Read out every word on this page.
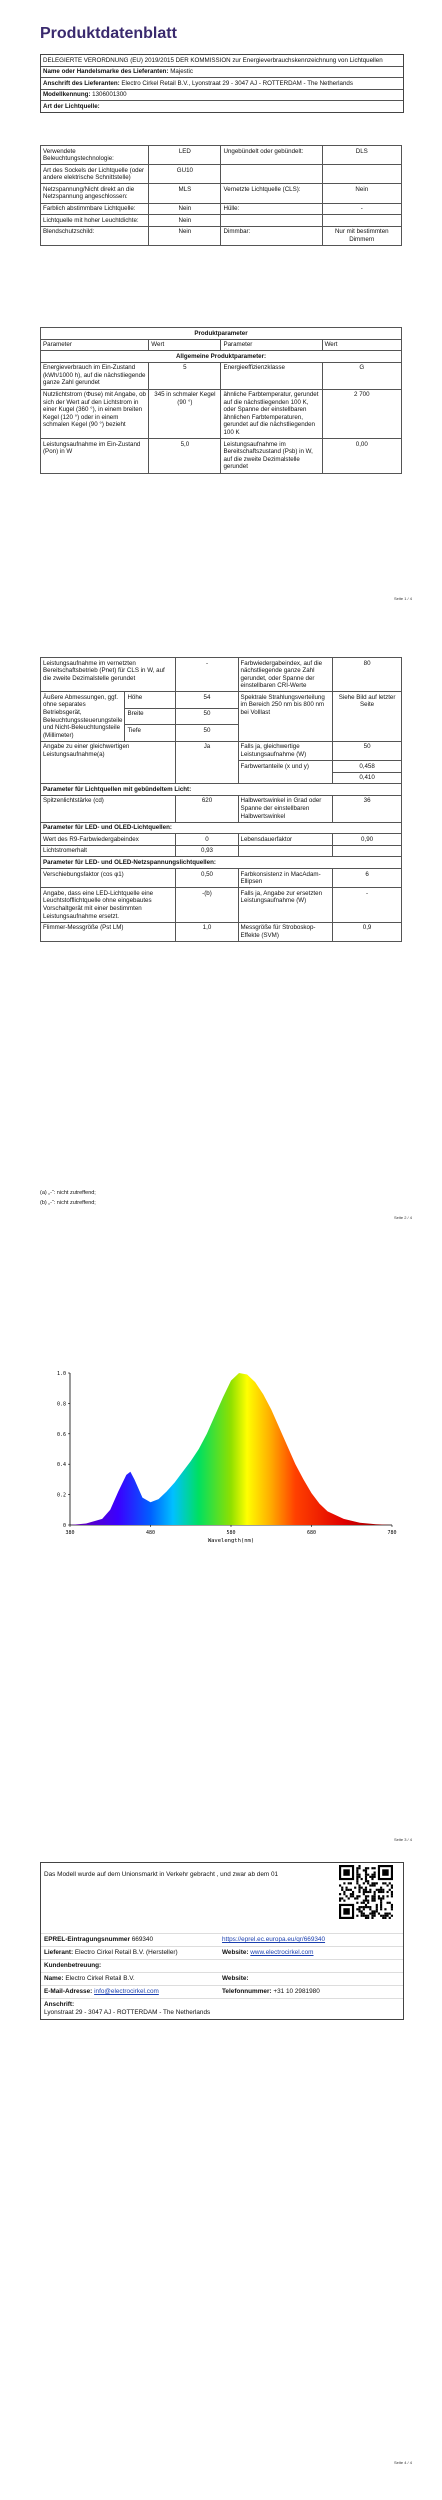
Produktdatenblatt
DELEGIERTE VERORDNUNG (EU) 2019/2015 DER KOMMISSION zur Energieverbrauchskennzeichnung von Lichtquellen
Name oder Handelsmarke des Lieferanten: Majestic
Anschrift des Lieferanten: Electro Cirkel Retail B.V., Lyonstraat 29 - 3047 AJ - ROTTERDAM - The Netherlands
Modellkennung: 1306001300
Art der Lichtquelle:
Verwendete Beleuchtungstechnologie:	LED	Ungebündelt oder gebündelt:	DLS
Art des Sockels der Lichtquelle (oder andere elektrische Schnittstelle)	GU10		
Netzspannung/Nicht direkt an die Netzspannung angeschlossen:	MLS	Vernetzte Lichtquelle (CLS):	Nein
Farblich abstimmbare Lichtquelle:	Nein	Hülle:	-
Lichtquelle mit hoher Leuchtdichte:	Nein		
Blendschutzschild:	Nein	Dimmbar:	Nur mit bestimmten Dimmern
Produktparameter			
Parameter	Wert	Parameter	Wert
Allgemeine Produktparameter:			
Energieverbrauch im Ein-Zustand (kWh/1000 h), auf die nächstliegende ganze Zahl gerundet	5	Energieeffizienzklasse	G
Nutzlichtstrom (Φuse) mit Angabe, ob sich der Wert auf den Lichtstrom in einer Kugel (360 °), in einem breiten Kegel (120 °) oder in einem schmalen Kegel (90 °) bezieht	345 in schmaler Kegel (90 °)	ähnliche Farbtemperatur, gerundet auf die nächstliegenden 100 K, oder Spanne der einstellbaren ähnlichen Farbtemperaturen, gerundet auf die nächstliegenden 100 K	2 700
Leistungsaufnahme im Ein-Zustand (Pon) in W	5,0	Leistungsaufnahme im Bereitschaftszustand (Psb) in W, auf die zweite Dezimalstelle gerundet	0,00
Seite 1 / 4
Leistungsaufnahme im vernetzten Bereitschaftsbetrieb (Pnet) für CLS in W, auf die zweite Dezimalstelle gerundet		-	Farbwiedergabeindex, auf die nächstliegende ganze Zahl gerundet, oder Spanne der einstellbaren CRI-Werte	80
Äußere Abmessungen, ggf. ohne separates Betriebsgerät, Beleuchtungssteuerungsteile und Nicht-Beleuchtungsteile (Millimeter)	Höhe	54	Spektrale Strahlungsverteilung im Bereich 250 nm bis 800 nm bei Volllast	Siehe Bild auf letzter Seite
	Breite	50		
	Tiefe	50		
Angabe zu einer gleichwertigen Leistungsaufnahme(a)		Ja	Falls ja, gleichwertige Leistungsaufnahme (W)	50
			Farbwertanteile (x und y)	0,458
				0,410
Parameter für Lichtquellen mit gebündeltem Licht:				
Spitzenlichtstärke (cd)		620	Halbwertswinkel in Grad oder Spanne der einstellbaren Halbwertswinkel	36
Parameter für LED- und OLED-Lichtquellen:				
Wert des R9-Farbwiedergabeindex		0	Lebensdauerfaktor	0,90
Lichtstromerhalt		0,93		
Parameter für LED- und OLED-Netzspannungslichtquellen:				
Verschiebungsfaktor (cos φ1)		0,50	Farbkonsistenz in MacAdam-Ellipsen	6
Angabe, dass eine LED-Lichtquelle eine Leuchtstofflichtquelle ohne eingebautes Vorschaltgerät mit einer bestimmten Leistungsaufnahme ersetzt.		-(b)	Falls ja, Angabe zur ersetzten Leistungsaufnahme (W)	-
Flimmer-Messgröße (Pst LM)		1,0	Messgröße für Stroboskop-Effekte (SVM)	0,9
(a) „-“: nicht zutreffend;
(b) „-“: nicht zutreffend;
Seite 2 / 4
0
0.2
0.4
0.6
0.8
1.0
380	480	580	680	780
Wavelength(nm)
Seite 3 / 4
Das Modell wurde auf dem Unionsmarkt in Verkehr gebracht , und zwar ab dem 01
EPREL-Eintragungsnummer 669340	https://eprel.ec.europa.eu/qr/669340
Lieferant: Electro Cirkel Retail B.V. (Hersteller)	Website: www.electrocirkel.com
Kundenbetreuung:
Name: Electro Cirkel Retail B.V.	Website:
E-Mail-Adresse: info@electrocirkel.com	Telefonnummer: +31 10 2981980
Anschrift:
Lyonstraat 29 - 3047 AJ - ROTTERDAM - The Netherlands
Seite 4 / 4
